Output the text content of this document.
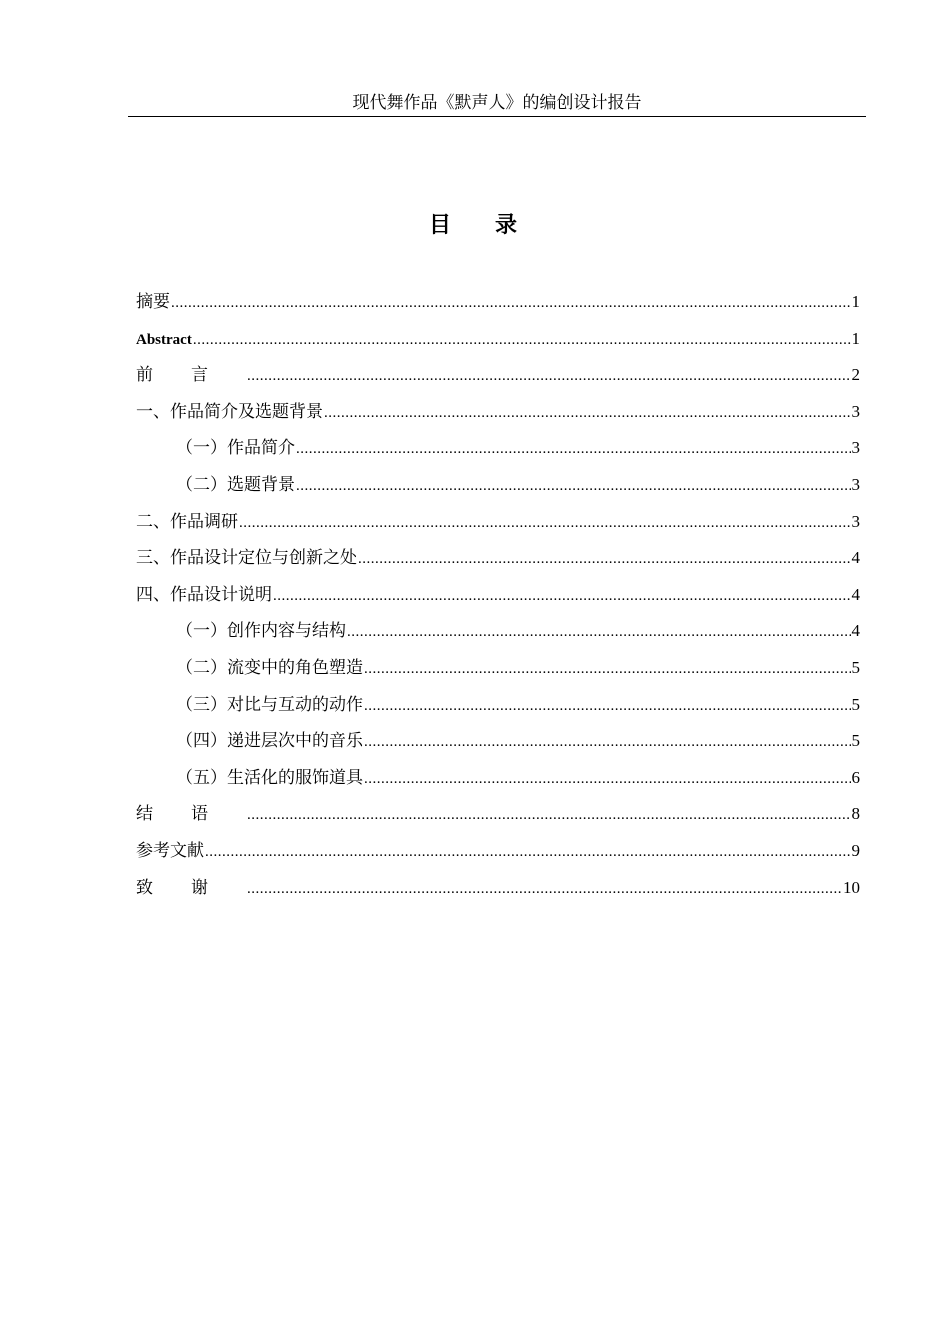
现代舞作品《默声人》的编创设计报告
目录
摘要 .....	1
Abstract .....	1
前言 .....	2
一、作品简介及选题背景 .....	3
（一）作品简介 .....	3
（二）选题背景 .....	3
二、作品调研 .....	3
三、作品设计定位与创新之处 .....	4
四、作品设计说明 .....	4
（一）创作内容与结构 .....	4
（二）流变中的角色塑造 .....	5
（三）对比与互动的动作 .....	5
（四）递进层次中的音乐 .....	5
（五）生活化的服饰道具 .....	6
结语 .....	8
参考文献 .....	9
致谢 .....	10
